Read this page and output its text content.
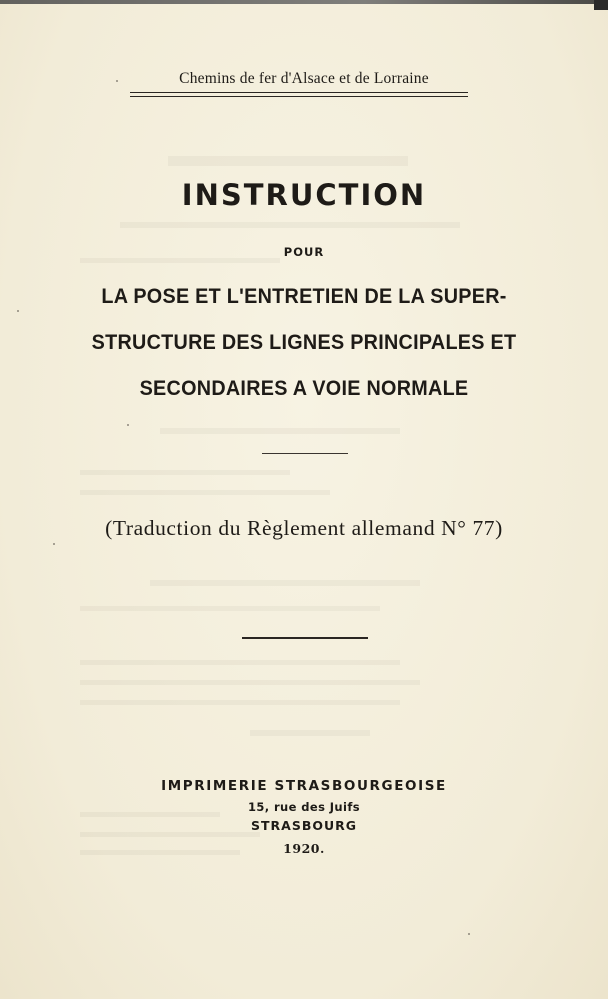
Chemins de fer d'Alsace et de Lorraine
INSTRUCTION
POUR
LA POSE ET L'ENTRETIEN DE LA SUPER-
STRUCTURE DES LIGNES PRINCIPALES ET
SECONDAIRES A VOIE NORMALE
(Traduction du Règlement allemand N° 77)
IMPRIMERIE STRASBOURGEOISE
15, rue des Juifs
STRASBOURG
1920.
